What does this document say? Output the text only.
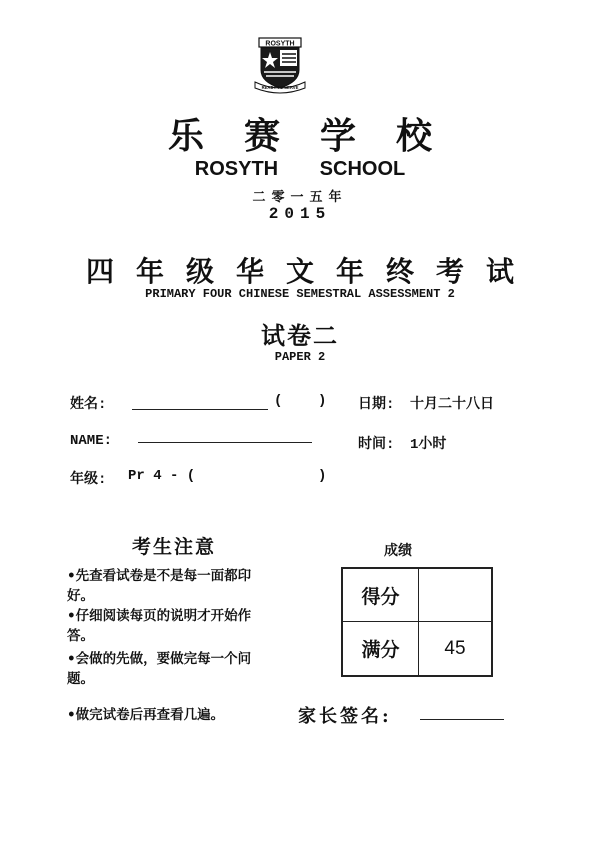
ROSYTH
READY TO SERVE
乐赛学校
ROSYTH SCHOOL
二零一五年
2015
四年级华文年终考试
PRIMARY FOUR CHINESE SEMESTRAL ASSESSMENT 2
试卷二
PAPER 2
姓名:	(	) 日期: 十月二十八日
NAME:	时间: 1小时
年级: Pr 4 - (	)
考生注意
•先查看试卷是不是每一面都印好。
•仔细阅读每页的说明才开始作答。
•会做的先做，要做完每一个问题。
•做完试卷后再查看几遍。
成绩
得分
满分 45
家长签名:
